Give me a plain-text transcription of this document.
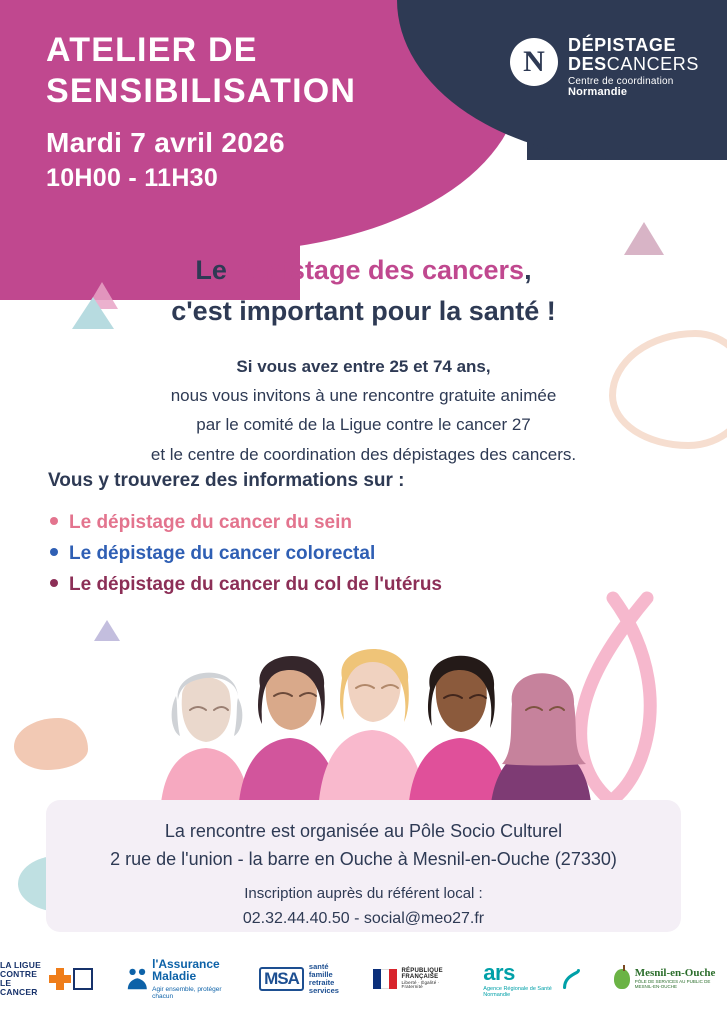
ATELIER DE
SENSIBILISATION
Mardi 7 avril 2026
10H00 - 11H30
N	DÉPISTAGE
DESCANCERS
Centre de coordination
Normandie
Le dépistage des cancers,
c'est important pour la santé !
Si vous avez entre 25 et 74 ans,
nous vous invitons à une rencontre gratuite animée
par le comité de la Ligue contre le cancer 27
et le centre de coordination des dépistages des cancers.
Vous y trouverez des informations sur :
Le dépistage du cancer du sein
Le dépistage du cancer colorectal
Le dépistage du cancer du col de l'utérus
La rencontre est organisée au Pôle Socio Culturel
2 rue de l'union - la barre en Ouche à Mesnil-en-Ouche (27330)
Inscription auprès du référent local :
02.32.44.40.50 - social@meo27.fr
LA LIGUE
CONTRE
LE CANCER
l'Assurance
Maladie
Agir ensemble, protéger chacun
MSA
santé
famille
retraite
services
RÉPUBLIQUE
FRANÇAISE
Liberté · Égalité · Fraternité
ars
Agence Régionale de Santé Normandie
Mesnil-en-Ouche
PÔLE DE SERVICES AU PUBLIC DE MESNIL-EN-OUCHE
